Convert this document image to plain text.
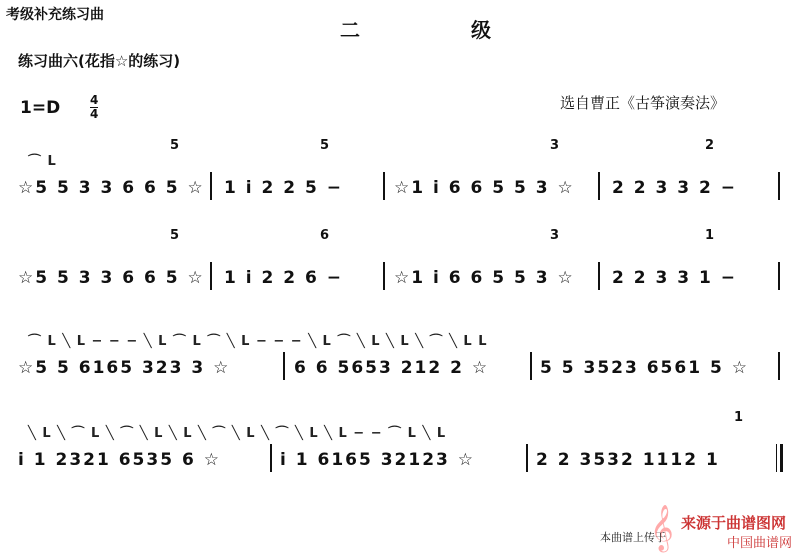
考级补充练习曲
二 级
练习曲六(花指☆的练习)
选自曹正《古筝演奏法》
$1=D \frac{4}{4}$
⌒ L
5	5	3	2
☆5 5 3 3 6 6 5 ☆ 1 i 2 2 5 −	☆1 i 6 6 5 5 3 ☆ 2 2 3 3 2 −
5	6	3	1
☆5 5 3 3 6 6 5 ☆ 1 i 2 2 6 −	☆1 i 6 6 5 5 3 ☆ 2 2 3 3 1 −
⌒ L ╲ L − − − ╲ L ⌒ L ⌒ ╲ L − − − ╲ L ⌒ ╲ L ╲ L ╲ ⌒ ╲ L L
☆5 5 6165 323 3 ☆	6 6 5653 212 2 ☆	5 5 3523 6561 5 ☆
╲ L ╲ ⌒ L ╲ ⌒ ╲ L ╲ L ╲ ⌒ ╲ L ╲ ⌒ ╲ L ╲ L − − ⌒ L ╲ L
1
i 1 2321 6535 6 ☆	i 1 6165 32123 ☆	2 2 3532 1112 1
𝄞
本曲谱上传于
来源于曲谱图网
中国曲谱网
